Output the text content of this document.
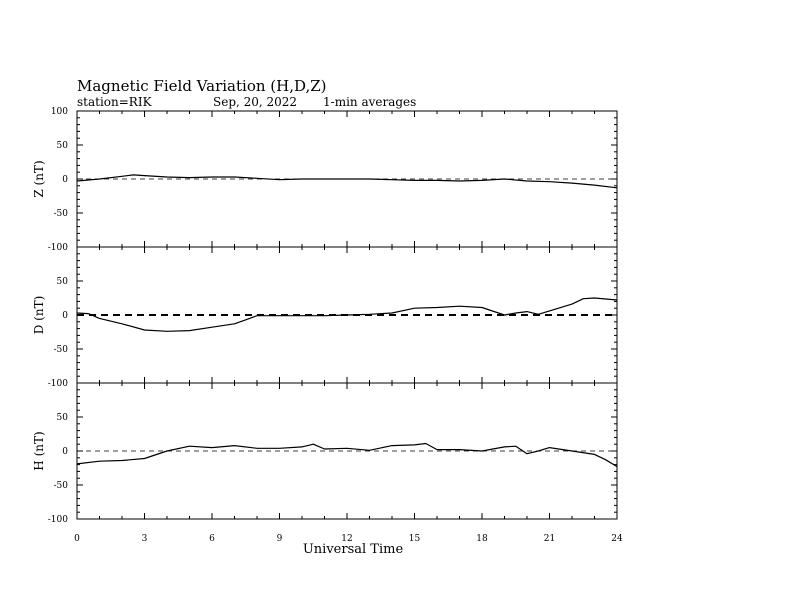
Magnetic Field Variation (H,D,Z)
station=RIK	Sep, 20, 2022 1-min averages
100
50
0
-50
-100
Z (nT)
50
0
-50
-100
D (nT)
50
0
-50
-100
H (nT)
0	3	6	9	12	15	18	21	24
Universal Time
